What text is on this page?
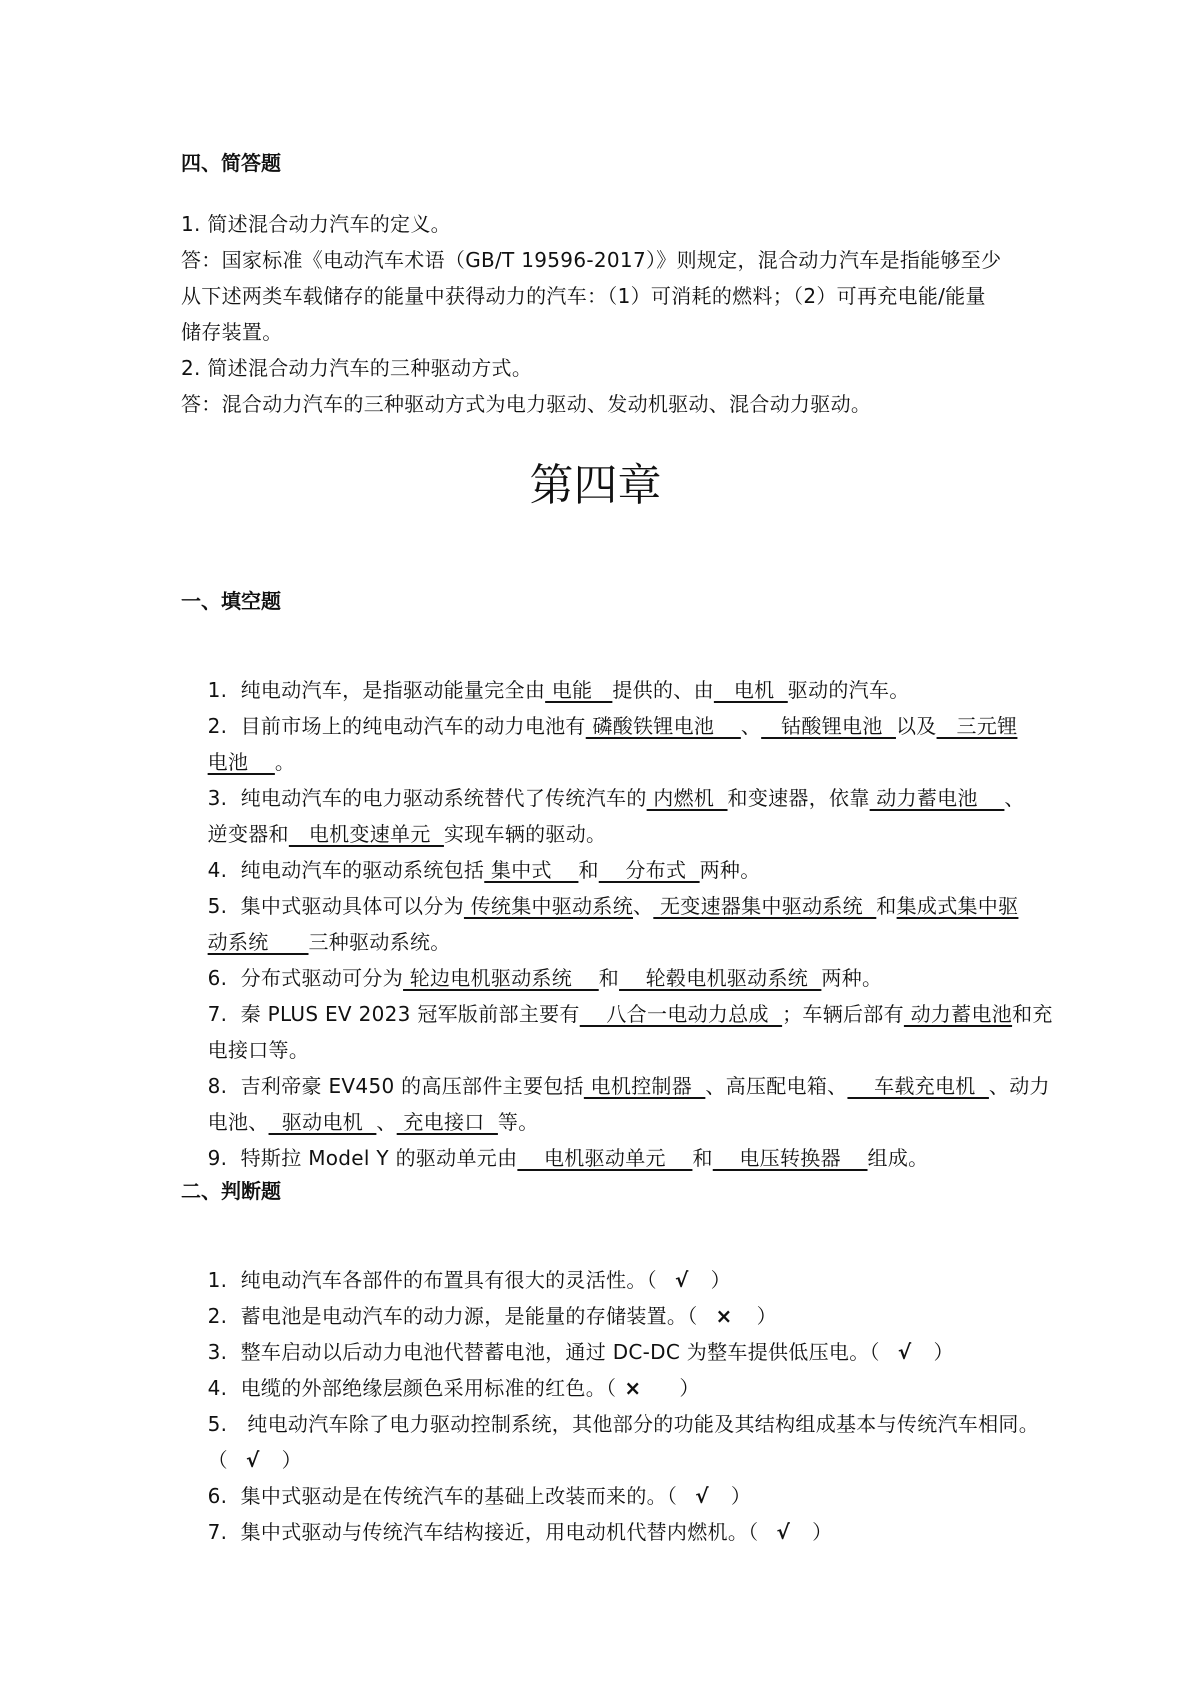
四、简答题
1. 简述混合动力汽车的定义。
答：国家标准《电动汽车术语（GB/T 19596-2017）》则规定，混合动力汽车是指能够至少
从下述两类车载储存的能量中获得动力的汽车：（1）可消耗的燃料；（2）可再充电能/能量
储存装置。
2. 简述混合动力汽车的三种驱动方式。
答：混合动力汽车的三种驱动方式为电力驱动、发动机驱动、混合动力驱动。
第四章
一、填空题

1.  纯电动汽车，是指驱动能量完全由 电能   提供的、由   电机  驱动的汽车。

2.  目前市场上的纯电动汽车的动力电池有 磷酸铁锂电池    、   钴酸锂电池  以及   三元锂

电池    。

3.  纯电动汽车的电力驱动系统替代了传统汽车的 内燃机  和变速器，依靠 动力蓄电池    、

逆变器和   电机变速单元  实现车辆的驱动。

4.  纯电动汽车的驱动系统包括 集中式    和    分布式  两种。

5.  集中式驱动具体可以分为 传统集中驱动系统、 无变速器集中驱动系统  和集成式集中驱

动系统      三种驱动系统。

6.  分布式驱动可分为 轮边电机驱动系统    和    轮毂电机驱动系统  两种。

7.  秦 PLUS EV 2023 冠军版前部主要有    八合一电动力总成  ；车辆后部有 动力蓄电池和充

电接口等。

8.  吉利帝豪 EV450 的高压部件主要包括 电机控制器  、高压配电箱、    车载充电机  、动力

电池、  驱动电机  、 充电接口  等。

9.  特斯拉 Model Y 的驱动单元由    电机驱动单元    和    电压转换器    组成。

二、判断题

1.  纯电动汽车各部件的布置具有很大的灵活性。（ √ ）

2.  蓄电池是电动汽车的动力源，是能量的存储装置。（ × ）

3.  整车启动以后动力电池代替蓄电池，通过 DC-DC 为整车提供低压电。（ √ ）

4.  电缆的外部绝缘层颜色采用标准的红色。（ × ）

5.   纯电动汽车除了电力驱动控制系统，其他部分的功能及其结构组成基本与传统汽车相同。

（ √ ）

6.  集中式驱动是在传统汽车的基础上改装而来的。（ √ ）

7.  集中式驱动与传统汽车结构接近，用电动机代替内燃机。（ √ ）
